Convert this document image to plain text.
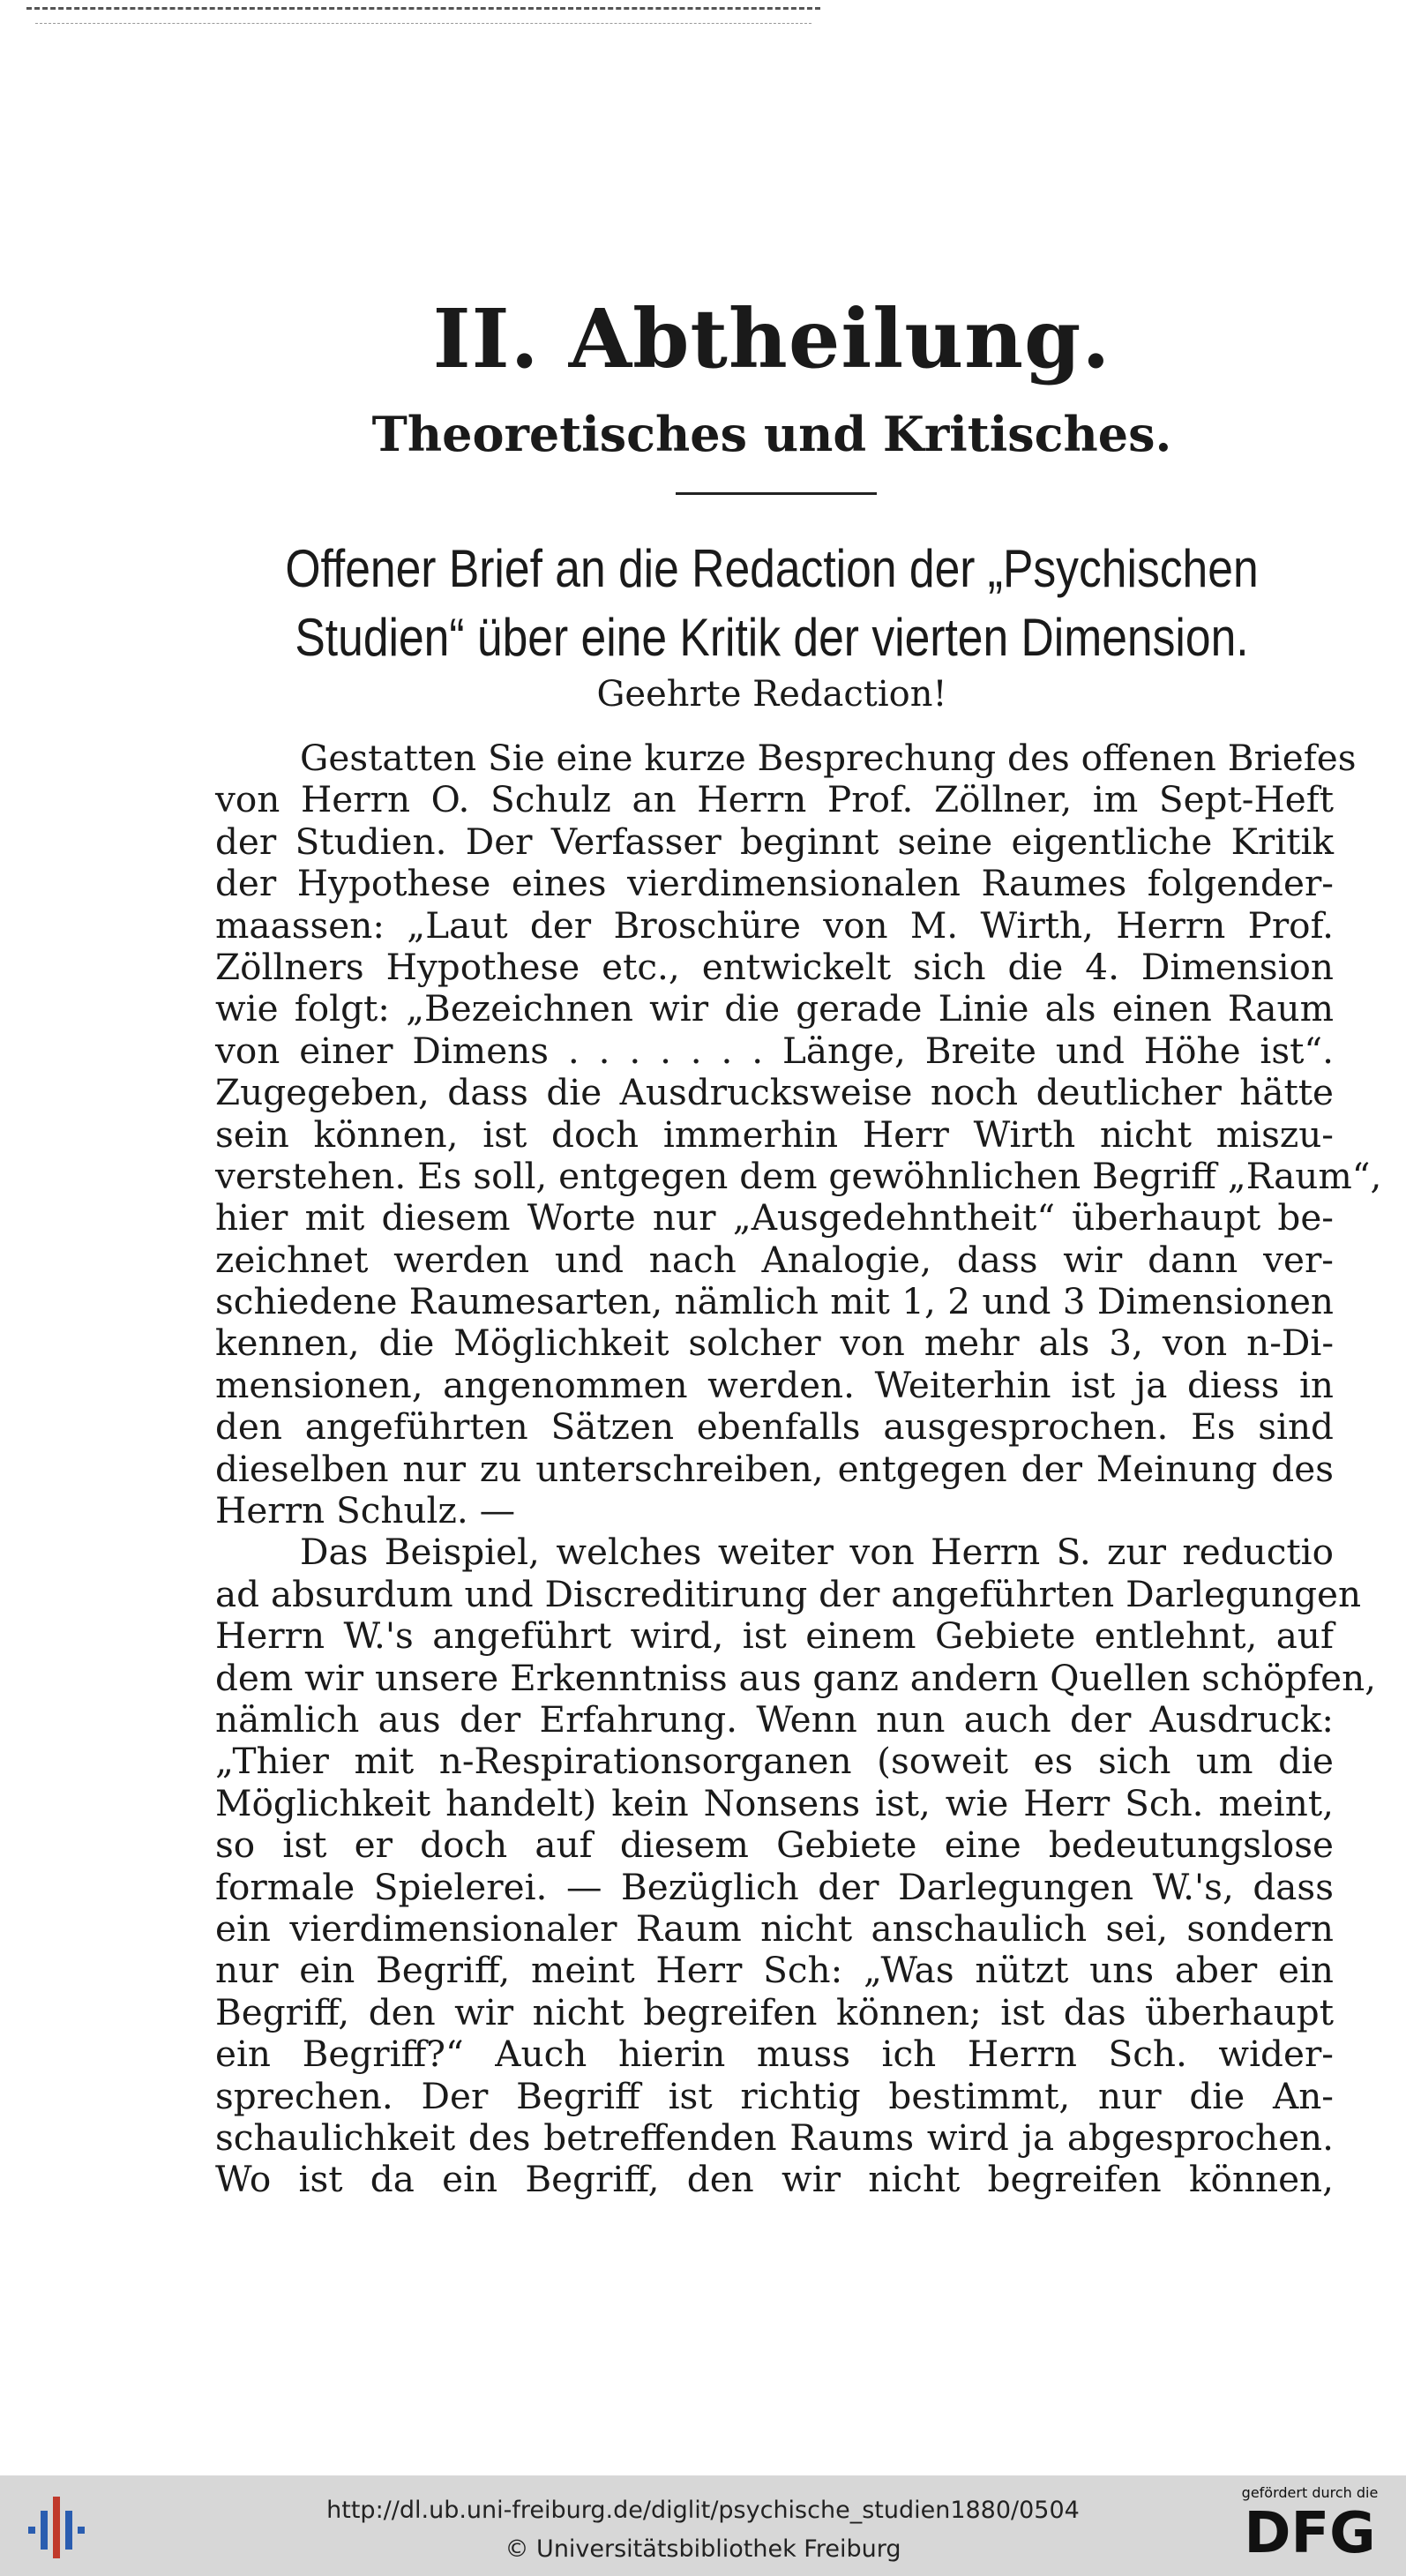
II. Abtheilung.
Theoretisches und Kritisches.
Offener Brief an die Redaction der „Psychischen
Studien“ über eine Kritik der vierten Dimension.
Geehrte Redaction!
Gestatten Sie eine kurze Besprechung des offenen Briefes
von Herrn O. Schulz an Herrn Prof. Zöllner, im Sept-Heft
der Studien. Der Verfasser beginnt seine eigentliche Kritik
der Hypothese eines vierdimensionalen Raumes folgender-
maassen: „Laut der Broschüre von M. Wirth, Herrn Prof.
Zöllners Hypothese etc., entwickelt sich die 4. Dimension
wie folgt: „Bezeichnen wir die gerade Linie als einen Raum
von einer Dimens . . . . . . . Länge, Breite und Höhe ist“.
Zugegeben, dass die Ausdrucksweise noch deutlicher hätte
sein können, ist doch immerhin Herr Wirth nicht miszu-
verstehen. Es soll, entgegen dem gewöhnlichen Begriff „Raum“,
hier mit diesem Worte nur „Ausgedehntheit“ überhaupt be-
zeichnet werden und nach Analogie, dass wir dann ver-
schiedene Raumesarten, nämlich mit 1, 2 und 3 Dimensionen
kennen, die Möglichkeit solcher von mehr als 3, von n-Di-
mensionen, angenommen werden. Weiterhin ist ja diess in
den angeführten Sätzen ebenfalls ausgesprochen. Es sind
dieselben nur zu unterschreiben, entgegen der Meinung des
Herrn Schulz. —
Das Beispiel, welches weiter von Herrn S. zur reductio
ad absurdum und Discreditirung der angeführten Darlegungen
Herrn W.'s angeführt wird, ist einem Gebiete entlehnt, auf
dem wir unsere Erkenntniss aus ganz andern Quellen schöpfen,
nämlich aus der Erfahrung. Wenn nun auch der Ausdruck:
„Thier mit n-Respirationsorganen (soweit es sich um die
Möglichkeit handelt) kein Nonsens ist, wie Herr Sch. meint,
so ist er doch auf diesem Gebiete eine bedeutungslose
formale Spielerei. — Bezüglich der Darlegungen W.'s, dass
ein vierdimensionaler Raum nicht anschaulich sei, sondern
nur ein Begriff, meint Herr Sch: „Was nützt uns aber ein
Begriff, den wir nicht begreifen können; ist das überhaupt
ein Begriff?“ Auch hierin muss ich Herrn Sch. wider-
sprechen. Der Begriff ist richtig bestimmt, nur die An-
schaulichkeit des betreffenden Raums wird ja abgesprochen.
Wo ist da ein Begriff, den wir nicht begreifen können,
http://dl.ub.uni-freiburg.de/diglit/psychische_studien1880/0504
© Universitätsbibliothek Freiburg
gefördert durch die
DFG
